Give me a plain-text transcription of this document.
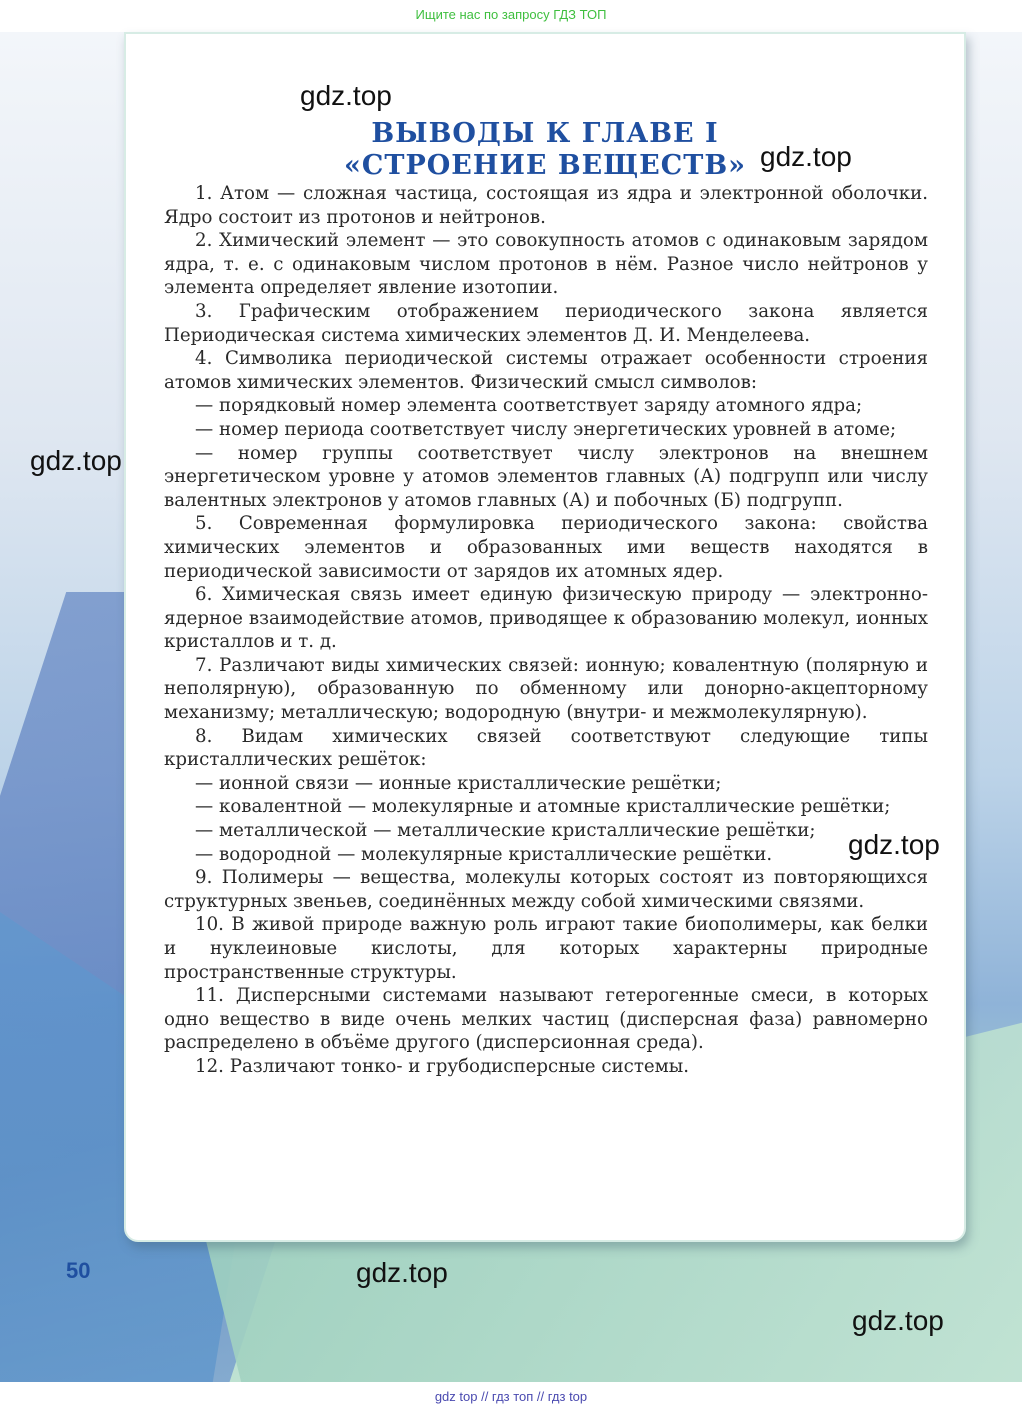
Ищите нас по запросу ГДЗ ТОП
ВЫВОДЫ К ГЛАВЕ I
«СТРОЕНИЕ ВЕЩЕСТВ»

1. Атом — сложная частица, состоящая из ядра и электронной оболочки. Ядро состоит из протонов и нейтронов.

2. Химический элемент — это совокупность атомов с одинаковым зарядом ядра, т. е. с одинаковым числом протонов в нём. Разное число нейтронов у элемента определяет явление изотопии.

3. Графическим отображением периодического закона является Периодическая система химических элементов Д. И. Менделеева.

4. Символика периодической системы отражает особенности строения атомов химических элементов. Физический смысл символов:

— порядковый номер элемента соответствует заряду атомного ядра;

— номер периода соответствует числу энергетических уровней в атоме;

— номер группы соответствует числу электронов на внешнем энергетическом уровне у атомов элементов главных (А) подгрупп или числу валентных электронов у атомов главных (А) и побочных (Б) подгрупп.

5. Современная формулировка периодического закона: свойства химических элементов и образованных ими веществ находятся в периодической зависимости от зарядов их атомных ядер.

6. Химическая связь имеет единую физическую природу — электронно-ядерное взаимодействие атомов, приводящее к образованию молекул, ионных кристаллов и т. д.

7. Различают виды химических связей: ионную; ковалентную (полярную и неполярную), образованную по обменному или донорно-акцепторному механизму; металлическую; водородную (внутри- и межмолекулярную).

8. Видам химических связей соответствуют следующие типы кристаллических решёток:

— ионной связи — ионные кристаллические решётки;

— ковалентной — молекулярные и атомные кристаллические решётки;

— металлической — металлические кристаллические решётки;

— водородной — молекулярные кристаллические решётки.

9. Полимеры — вещества, молекулы которых состоят из повторяющихся структурных звеньев, соединённых между собой химическими связями.

10. В живой природе важную роль играют такие биополимеры, как белки и нуклеиновые кислоты, для которых характерны природные пространственные структуры.

11. Дисперсными системами называют гетерогенные смеси, в которых одно вещество в виде очень мелких частиц (дисперсная фаза) равномерно распределено в объёме другого (дисперсионная среда).

12. Различают тонко- и грубодисперсные системы.

gdz.top
gdz.top
gdz.top
gdz.top
gdz.top
gdz.top
50
gdz top // гдз топ // гдз top
